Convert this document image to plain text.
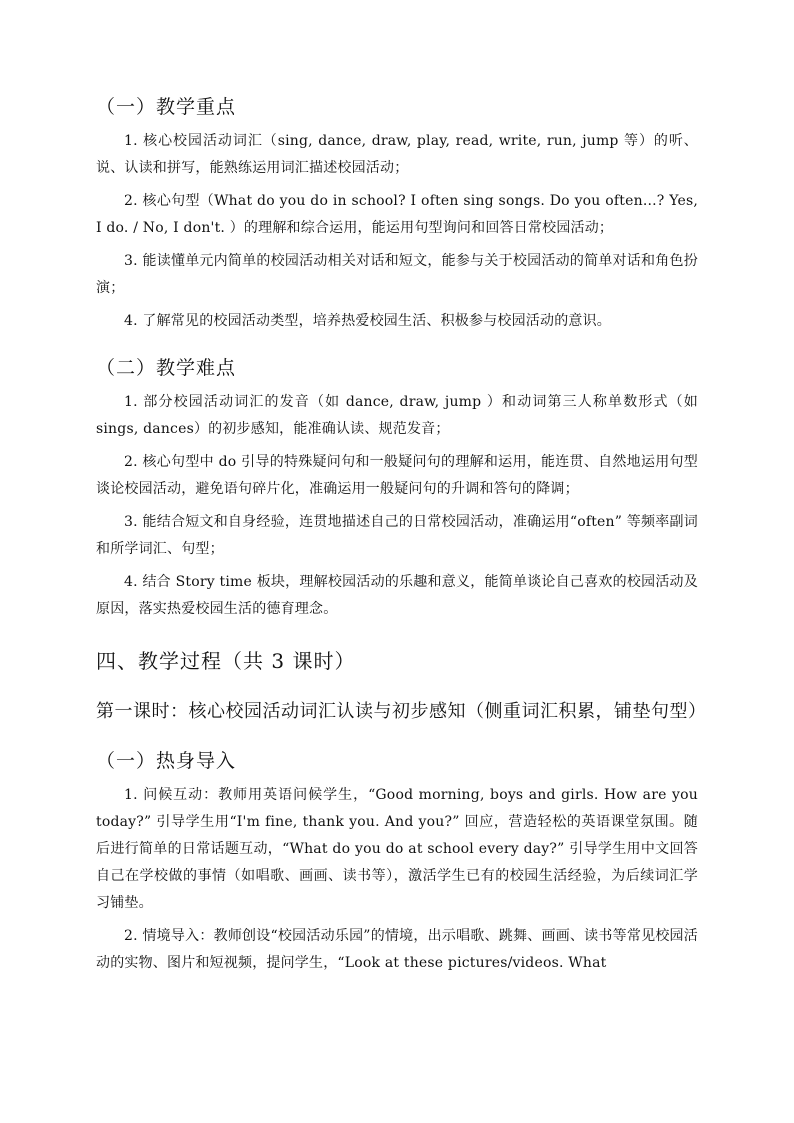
（一）教学重点

1. 核心校园活动词汇（sing, dance, draw, play, read, write, run, jump 等）的听、说、认读和拼写，能熟练运用词汇描述校园活动；

2. 核心句型（What do you do in school? I often sing songs. Do you often...? Yes, I do. / No, I don't. ）的理解和综合运用，能运用句型询问和回答日常校园活动；

3. 能读懂单元内简单的校园活动相关对话和短文，能参与关于校园活动的简单对话和角色扮演；

4. 了解常见的校园活动类型，培养热爱校园生活、积极参与校园活动的意识。

（二）教学难点

1. 部分校园活动词汇的发音（如 dance, draw, jump ）和动词第三人称单数形式（如 sings, dances）的初步感知，能准确认读、规范发音；

2. 核心句型中 do 引导的特殊疑问句和一般疑问句的理解和运用，能连贯、自然地运用句型谈论校园活动，避免语句碎片化，准确运用一般疑问句的升调和答句的降调；

3. 能结合短文和自身经验，连贯地描述自己的日常校园活动，准确运用“often” 等频率副词和所学词汇、句型；

4. 结合 Story time 板块，理解校园活动的乐趣和意义，能简单谈论自己喜欢的校园活动及原因，落实热爱校园生活的德育理念。

四、教学过程（共 3 课时）
第一课时：核心校园活动词汇认读与初步感知（侧重词汇积累，铺垫句型）
（一）热身导入

1. 问候互动：教师用英语问候学生，“Good morning, boys and girls. How are you today?” 引导学生用“I'm fine, thank you. And you?” 回应，营造轻松的英语课堂氛围。随后进行简单的日常话题互动，“What do you do at school every day?” 引导学生用中文回答自己在学校做的事情（如唱歌、画画、读书等），激活学生已有的校园生活经验，为后续词汇学习铺垫。

2. 情境导入：教师创设“校园活动乐园”的情境，出示唱歌、跳舞、画画、读书等常见校园活动的实物、图片和短视频，提问学生，“Look at these pictures/videos. What
